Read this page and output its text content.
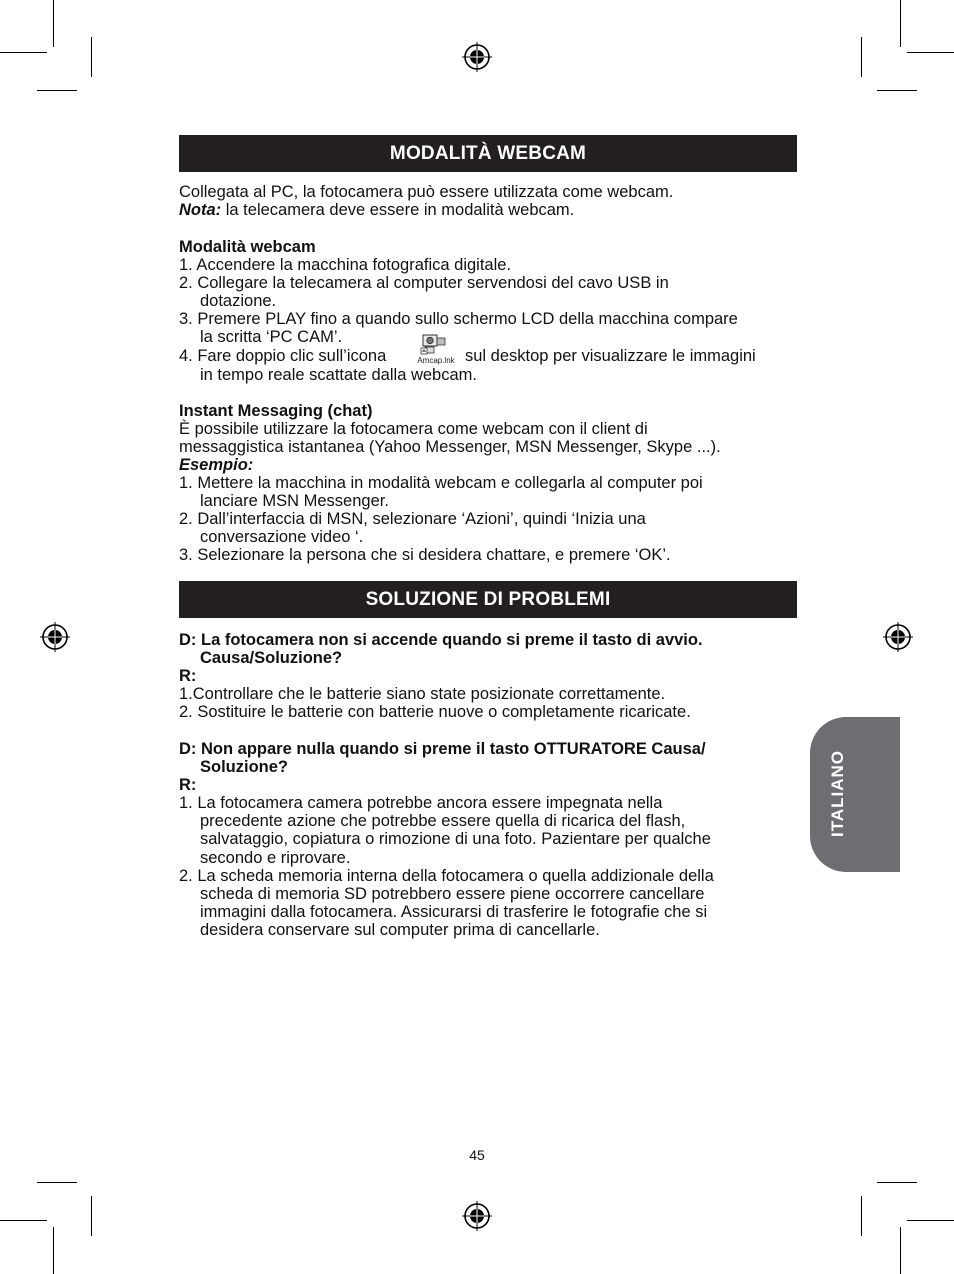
MODALITÀ WEBCAM
Collegata al PC, la fotocamera può essere utilizzata come webcam.
Nota: la telecamera deve essere in modalità webcam.
Modalità webcam
1. Accendere la macchina fotografica digitale.
2. Collegare la telecamera al computer servendosi del cavo USB in
dotazione.
3. Premere PLAY fino a quando sullo schermo LCD della macchina compare
la scritta ‘PC CAM’.
4. Fare doppio clic sull’icona	Amcap.lnk sul desktop per visualizzare le immagini
in tempo reale scattate dalla webcam.
Instant Messaging (chat)
È possibile utilizzare la fotocamera come webcam con il client di
messaggistica istantanea (Yahoo Messenger, MSN Messenger, Skype ...).
Esempio:
1. Mettere la macchina in modalità webcam e collegarla al computer poi
lanciare MSN Messenger.
2. Dall’interfaccia di MSN, selezionare ‘Azioni’, quindi ‘Inizia una
conversazione video ‘.
3. Selezionare la persona che si desidera chattare, e premere ‘OK’.
SOLUZIONE DI PROBLEMI
D: La fotocamera non si accende quando si preme il tasto di avvio.
Causa/Soluzione?
R:
1.Controllare che le batterie siano state posizionate correttamente.
2. Sostituire le batterie con batterie nuove o completamente ricaricate.
D: Non appare nulla quando si preme il tasto OTTURATORE Causa/
Soluzione?
R:
1. La fotocamera camera potrebbe ancora essere impegnata nella
precedente azione che potrebbe essere quella di ricarica del flash,
salvataggio, copiatura o rimozione di una foto. Pazientare per qualche
secondo e riprovare.
2. La scheda memoria interna della fotocamera o quella addizionale della
scheda di memoria SD potrebbero essere piene occorrere cancellare
immagini dalla fotocamera. Assicurarsi di trasferire le fotografie che si
desidera conservare sul computer prima di cancellarle.
ITALIANO
45
